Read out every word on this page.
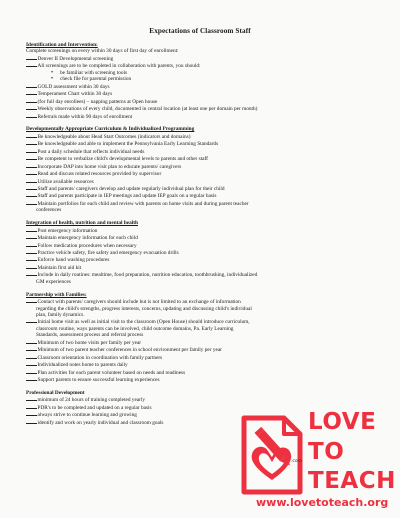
Expectations of Classroom Staff
Identification and Intervention:
Complete screenings on every within 30 days of first day of enrollment:
Denver II Developmental screening
All screenings are to be completed in collaboration with parents, you should:
• be familiar with screening tools
• check file for parental permission
GOLD assessment within 30 days
Temperament Chart within 30 days
(for full day enrollees) – napping patterns at Open house
Weekly observations of every child, documented in central location (at least one per domain per month)
Referrals made within 90 days of enrollment
Developmentally Appropriate Curriculum & Individualized Programming
Be knowledgeable about Head Start Outcomes (indicators and domains)
Be knowledgeable and able to implement the Pennsylvania Early Learning Standards
Post a daily schedule that reflects individual needs
Be competent to verbalize child's developmental levels to parents and other staff
Incorporate DAP into home visit plan to educate parents/ caregivers
Read and discuss related resources provided by supervisor
Utilize available resources
Staff and parents/ caregivers develop and update regularly individual plan for their child
Staff and parents participate in IEP meetings and update IEP goals on a regular basis
Maintain portfolios for each child and review with parents on home visits and during parent teacher
conferences
Integration of health, nutrition and mental health
Post emergency information
Maintain emergency information for each child
Follow medication procedures when necessary
Practice vehicle safety, fire safety and emergency evacuation drills
Enforce hand washing procedures
Maintain first aid kit
Include in daily routines: mealtime, food preparation, nutrition education, toothbrushing, individualized
GM experiences
Partnership with Families:
Contact with parents/ caregivers should include but is not limited to an exchange of information
regarding the child's strengths, progress interests, concerns, updating and discussing child's individual
plan, family dynamics.
Initial home visit as well as initial visit to the classroom (Open House) should introduce curriculum,
classroom routine, ways parents can be involved, child outcome domains, Pa. Early Learning
Standards, assessment process and referral process
Minimum of two home visits per family per year
Minimum of two parent teacher conferences in school environment per family per year
Classroom orientation in coordination with family partners
Individualized notes home to parents daily
Plan activities for each parent volunteer based on needs and readiness
Support parents to ensure successful learning experiences
Professional Development
minimum of 24 hours of training completed yearly
PDR's to be completed and updated on a regular basis
always strive to continue learning and growing
identify and work on yearly individual and classroom goals	LOVE
TO
.com
TEACH
www.lovetoteach.org
